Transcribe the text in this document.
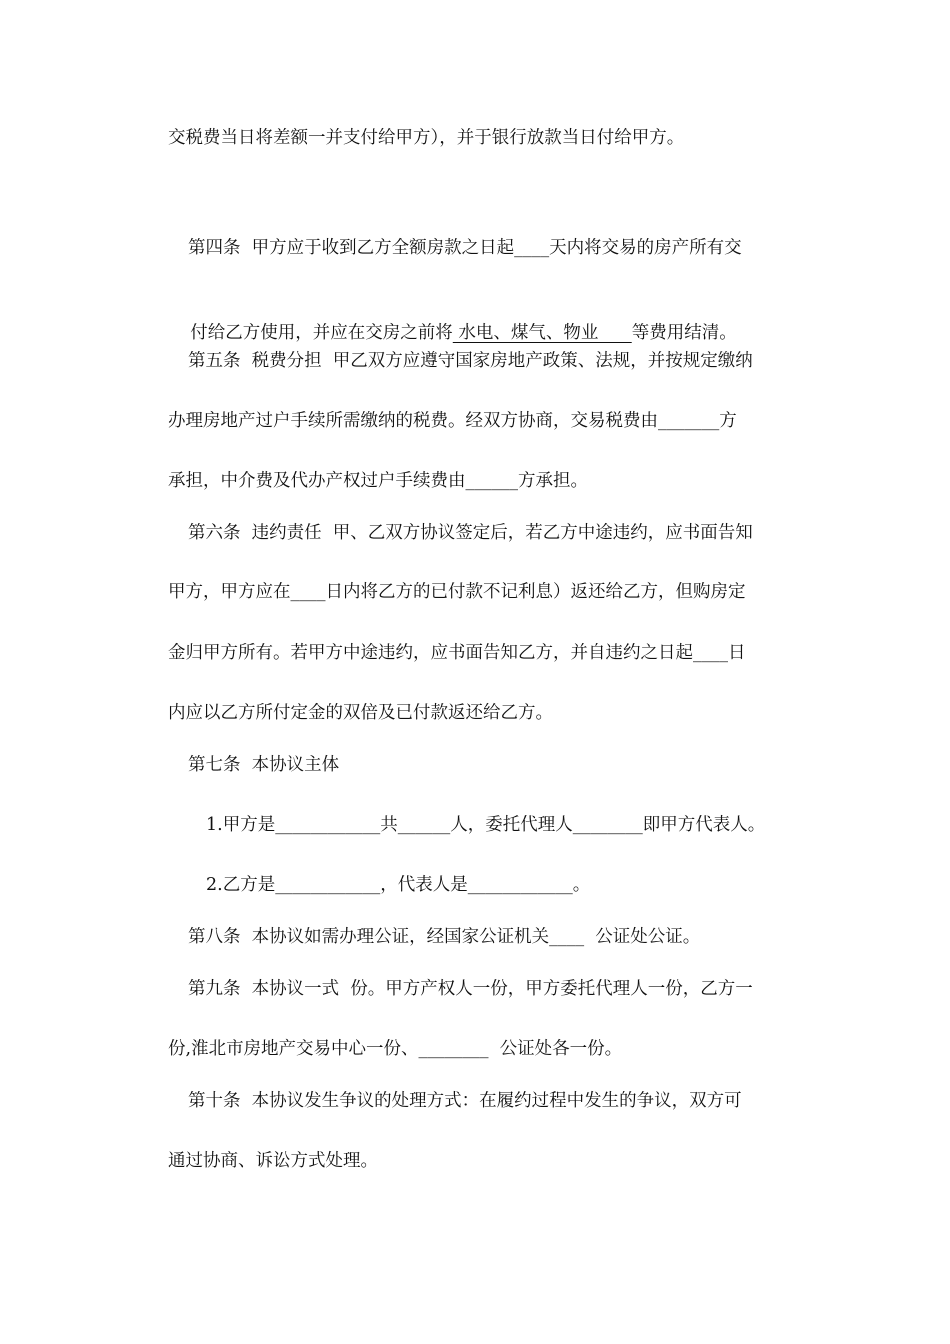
交税费当日将差额一并支付给甲方），并于银行放款当日付给甲方。
第四条  甲方应于收到乙方全额房款之日起____天内将交易的房产所有交

付给乙方使用，并应在交房之前将 水电、煤气、物业      等费用结清。

第五条  税费分担  甲乙双方应遵守国家房地产政策、法规，并按规定缴纳
办理房地产过户手续所需缴纳的税费。经双方协商，交易税费由_______方
承担，中介费及代办产权过户手续费由______方承担。
第六条  违约责任  甲、乙双方协议签定后，若乙方中途违约，应书面告知
甲方，甲方应在____日内将乙方的已付款不记利息）返还给乙方，但购房定
金归甲方所有。若甲方中途违约，应书面告知乙方，并自违约之日起____日
内应以乙方所付定金的双倍及已付款返还给乙方。
第七条  本协议主体
1.甲方是____________共______人，委托代理人________即甲方代表人。
2.乙方是____________，代表人是____________。
第八条  本协议如需办理公证，经国家公证机关____  公证处公证。
第九条  本协议一式  份。甲方产权人一份，甲方委托代理人一份，乙方一
份,淮北市房地产交易中心一份、________  公证处各一份。
第十条  本协议发生争议的处理方式：在履约过程中发生的争议，双方可
通过协商、诉讼方式处理。
